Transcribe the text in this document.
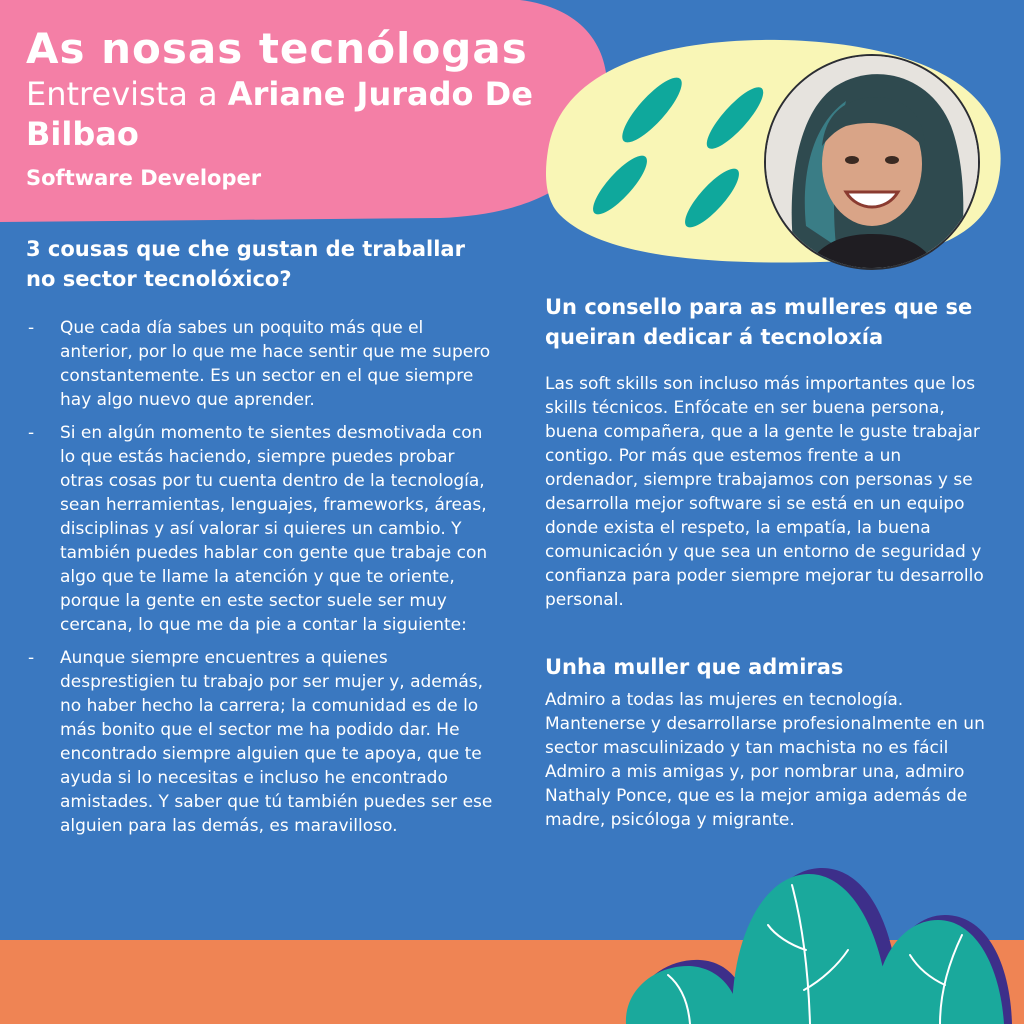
As nosas tecnólogas
Entrevista a Ariane Jurado De Bilbao
Software Developer
3 cousas que che gustan de traballar no sector tecnolóxico?
- Que cada día sabes un poquito más que el anterior, por lo que me hace sentir que me supero constantemente. Es un sector en el que siempre hay algo nuevo que aprender.
- Si en algún momento te sientes desmotivada con lo que estás haciendo, siempre puedes probar otras cosas por tu cuenta dentro de la tecnología, sean herramientas, lenguajes, frameworks, áreas, disciplinas y así valorar si quieres un cambio. Y también puedes hablar con gente que trabaje con algo que te llame la atención y que te oriente, porque la gente en este sector suele ser muy cercana, lo que me da pie a contar la siguiente:
- Aunque siempre encuentres a quienes desprestigien tu trabajo por ser mujer y, además, no haber hecho la carrera; la comunidad es de lo más bonito que el sector me ha podido dar. He encontrado siempre alguien que te apoya, que te ayuda si lo necesitas e incluso he encontrado amistades. Y saber que tú también puedes ser ese alguien para las demás, es maravilloso.
Un consello para as mulleres que se queiran dedicar á tecnoloxía

Las soft skills son incluso más importantes que los skills técnicos. Enfócate en ser buena persona, buena compañera, que a la gente le guste trabajar contigo. Por más que estemos frente a un ordenador, siempre trabajamos con personas y se desarrolla mejor software si se está en un equipo donde exista el respeto, la empatía, la buena comunicación y que sea un entorno de seguridad y confianza para poder siempre mejorar tu desarrollo personal.

Unha muller que admiras

Admiro a todas las mujeres en tecnología. Mantenerse y desarrollarse profesionalmente en un sector masculinizado y tan machista no es fácil Admiro a mis amigas y, por nombrar una, admiro Nathaly Ponce, que es la mejor amiga además de madre, psicóloga y migrante.
